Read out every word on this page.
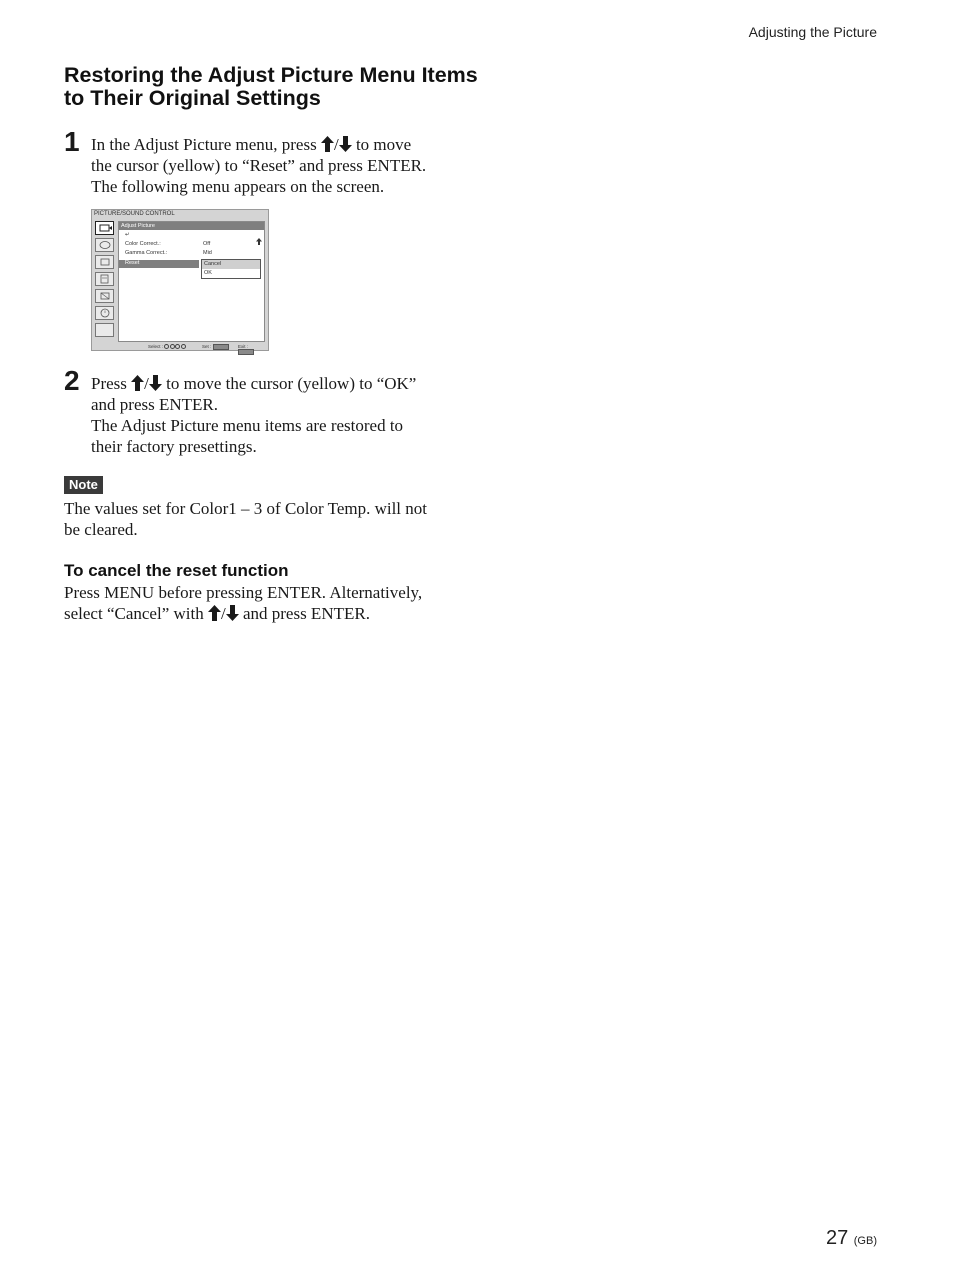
Adjusting the Picture
Restoring the Adjust Picture Menu Items to Their Original Settings
1 In the Adjust Picture menu, press / to move
the cursor (yellow) to “Reset” and press ENTER.
The following menu appears on the screen.
PICTURE/SOUND CONTROL
Adjust Picture
↵
Color Correct.:	Off
Gamma Correct.:	Mid
Reset	Cancel
OK
Select :	Set :	Exit :
2 Press / to move the cursor (yellow) to “OK”
and press ENTER.
The Adjust Picture menu items are restored to
their factory presettings.
Note
The values set for Color1 – 3 of Color Temp. will not
be cleared.
To cancel the reset function
Press MENU before pressing ENTER. Alternatively,
select “Cancel” with / and press ENTER.
27 (GB)
